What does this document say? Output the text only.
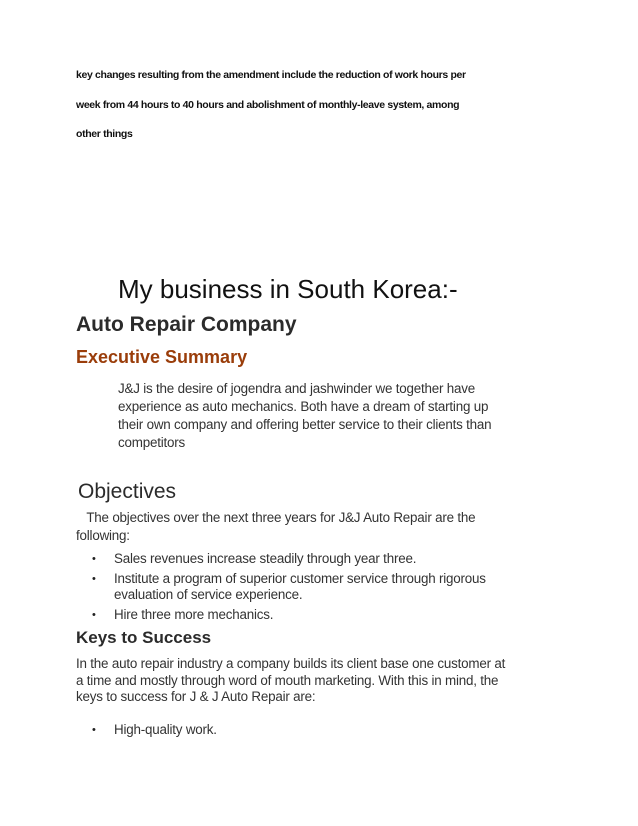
key changes resulting from the amendment include the reduction of work hours per
week from 44 hours to 40 hours and abolishment of monthly-leave system, among
other things
My business in South Korea:-
Auto Repair Company
Executive Summary
J&J is the desire of jogendra and jashwinder we together have
experience as auto mechanics. Both have a dream of starting up
their own company and offering better service to their clients than
competitors
Objectives
The objectives over the next three years for J&J Auto Repair are the
following:
• Sales revenues increase steadily through year three.
• Institute a program of superior customer service through rigorous
evaluation of service experience.
• Hire three more mechanics.
Keys to Success
In the auto repair industry a company builds its client base one customer at
a time and mostly through word of mouth marketing. With this in mind, the
keys to success for J & J Auto Repair are:
• High-quality work.
